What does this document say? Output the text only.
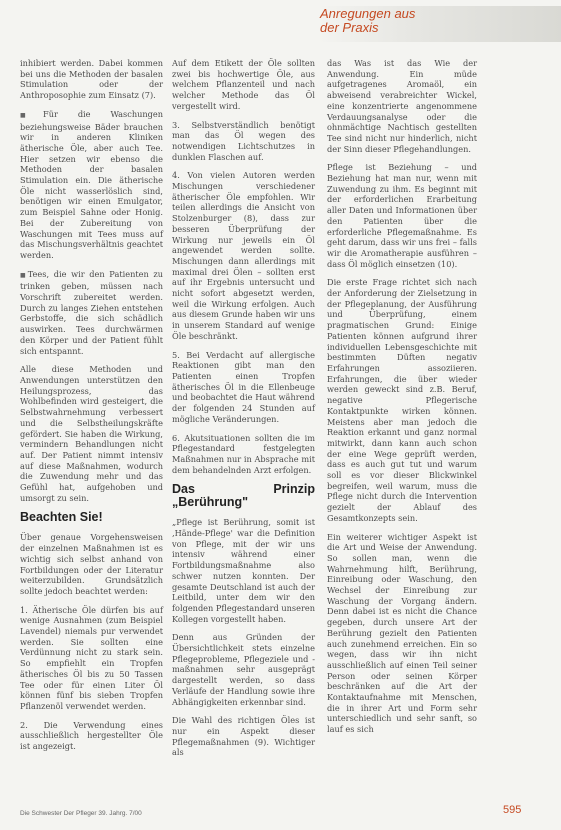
Anregungen aus
der Praxis

inhibiert werden. Dabei kommen bei uns die Methoden der basalen Stimulation oder der Anthroposophie zum Einsatz (7).

■ Für die Waschungen beziehungsweise Bäder brauchen wir in anderen Kliniken ätherische Öle, aber auch Tee. Hier setzen wir ebenso die Methoden der basalen Stimulation ein. Die ätherische Öle nicht wasserlöslich sind, benötigen wir einen Emulgator, zum Beispiel Sahne oder Honig. Bei der Zubereitung von Waschungen mit Tees muss auf das Mischungsverhältnis geachtet werden.

■ Tees, die wir den Patienten zu trinken geben, müssen nach Vorschrift zubereitet werden. Durch zu langes Ziehen entstehen Gerbstoffe, die sich schädlich auswirken. Tees durchwärmen den Körper und der Patient fühlt sich entspannt.

Alle diese Methoden und Anwendungen unterstützen den Heilungsprozess, das Wohlbefinden wird gesteigert, die Selbstwahrnehmung verbessert und die Selbstheilungskräfte gefördert. Sie haben die Wirkung, vermindern Behandlungen nicht auf. Der Patient nimmt intensiv auf diese Maßnahmen, wodurch die Zuwendung mehr und das Gefühl hat, aufgehoben und umsorgt zu sein.

Beachten Sie!

Über genaue Vorgehensweisen der einzelnen Maßnahmen ist es wichtig sich selbst anhand von Fortbildungen oder der Literatur weiterzubilden. Grundsätzlich sollte jedoch beachtet werden:

1. Ätherische Öle dürfen bis auf wenige Ausnahmen (zum Beispiel Lavendel) niemals pur verwendet werden. Sie sollten eine Verdünnung nicht zu stark sein. So empfiehlt ein Tropfen ätherisches Öl bis zu 50 Tassen Tee oder für einen Liter Öl können fünf bis sieben Tropfen Pflanzenöl verwendet werden.

2. Die Verwendung eines ausschließlich hergestellter Öle ist angezeigt.

Auf dem Etikett der Öle sollten zwei bis hochwertige Öle, aus welchem Pflanzenteil und nach welcher Methode das Öl vergestellt wird.

3. Selbstverständlich benötigt man das Öl wegen des notwendigen Lichtschutzes in dunklen Flaschen auf.

4. Von vielen Autoren werden Mischungen verschiedener ätherischer Öle empfohlen. Wir teilen allerdings die Ansicht von Stolzenburger (8), dass zur besseren Überprüfung der Wirkung nur jeweils ein Öl angewendet werden sollte. Mischungen dann allerdings mit maximal drei Ölen – sollten erst auf ihr Ergebnis untersucht und nicht sofort abgesetzt werden, weil die Wirkung erfolgen. Auch aus diesem Grunde haben wir uns in unserem Standard auf wenige Öle beschränkt.

5. Bei Verdacht auf allergische Reaktionen gibt man den Patienten einen Tropfen ätherisches Öl in die Ellenbeuge und beobachtet die Haut während der folgenden 24 Stunden auf mögliche Veränderungen.

6. Akutsituationen sollten die im Pflegestandard festgelegten Maßnahmen nur in Absprache mit dem behandelnden Arzt erfolgen.

Das Prinzip „Berührung"

„Pflege ist Berührung, somit ist ‚Hände-Pflege' war die Definition von Pflege, mit der wir uns intensiv während einer Fortbildungsmaßnahme also schwer nutzen konnten. Der gesamte Deutschland ist auch der Leitbild, unter dem wir den folgenden Pflegestandard unseren Kollegen vorgestellt haben.

Denn aus Gründen der Übersichtlichkeit stets einzelne Pflegeprobleme, Pflegeziele und -maßnahmen sehr ausgeprägt dargestellt werden, so dass Verläufe der Handlung sowie ihre Abhängigkeiten erkennbar sind.

Die Wahl des richtigen Öles ist nur ein Aspekt dieser Pflegemaßnahmen (9). Wichtiger als

das Was ist das Wie der Anwendung. Ein müde aufgetragenes Aromaöl, ein abweisend verabreichter Wickel, eine konzentrierte angenommene Verdauungsanalyse oder die ohnmächtige Nachtisch gestellten Tee sind nicht nur hinderlich, nicht der Sinn dieser Pflegehandlungen.

Pflege ist Beziehung – und Beziehung hat man nur, wenn mit Zuwendung zu ihm. Es beginnt mit der erforderlichen Erarbeitung aller Daten und Informationen über den Patienten über die erforderliche Pflegemaßnahme. Es geht darum, dass wir uns frei – falls wir die Aromatherapie ausführen – dass Öl möglich einsetzen (10).

Die erste Frage richtet sich nach der Anforderung der Zielsetzung in der Pflegeplanung, der Ausführung und Überprüfung, einem pragmatischen Grund: Einige Patienten können aufgrund ihrer individuellen Lebensgeschichte mit bestimmten Düften negativ Erfahrungen assoziieren. Erfahrungen, die über wieder werden geweckt sind z.B. Beruf, negative Pflegerische Kontaktpunkte wirken können. Meistens aber man jedoch die Reaktion erkannt und ganz normal mitwirkt, dann kann auch schon der eine Wege geprüft werden, dass es auch gut tut und warum soll es vor dieser Blickwinkel begreifen, weil warum, muss die Pflege nicht durch die Intervention gezielt der Ablauf des Gesamtkonzepts sein.

Ein weiterer wichtiger Aspekt ist die Art und Weise der Anwendung. So sollen man, wenn die Wahrnehmung hilft, Berührung, Einreibung oder Waschung, den Wechsel der Einreibung zur Waschung der Vorgang ändern. Denn dabei ist es nicht die Chance gegeben, durch unsere Art der Berührung gezielt den Patienten auch zunehmend erreichen. Ein so wegen, dass wir ihn nicht ausschließlich auf einen Teil seiner Person oder seinen Körper beschränken auf die Art der Kontaktaufnahme mit Menschen, die in ihrer Art und Form sehr unterschiedlich und sehr sanft, so lauf es sich

Die Schwester Der Pfleger 39. Jahrg. 7/00	595
